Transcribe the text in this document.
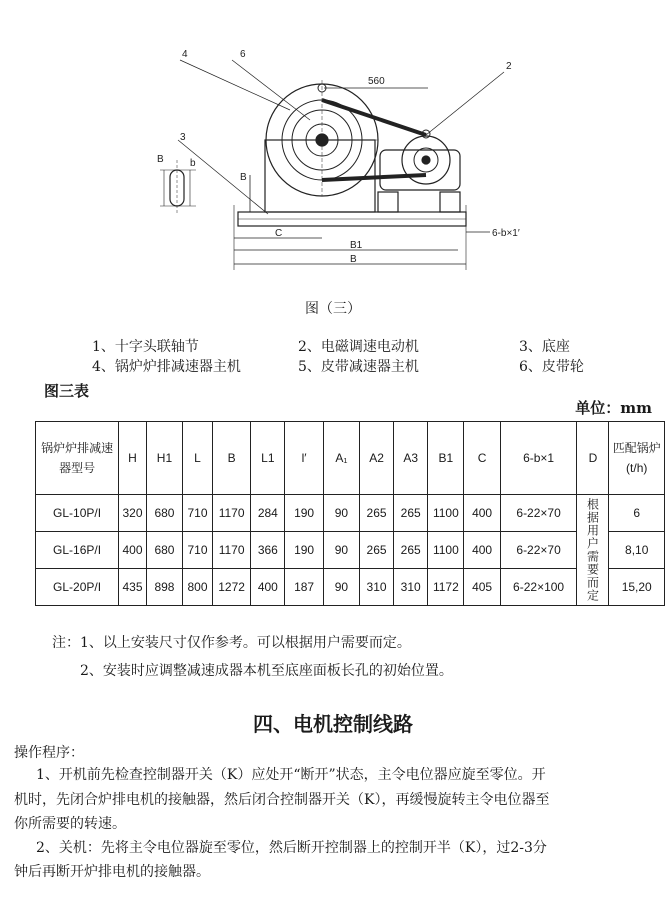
4	6
2
3
560
B	b
B
C
B1
B
6-b×1′
图（三）
1、十字头联轴节	2、电磁调速电动机	3、底座
4、锅炉炉排减速器主机	5、皮带减速器主机	6、皮带轮
图三表
单位：mm
锅炉炉排减速器型号	H	H1	L	B	L1	l′	A₁	A2	A3	B1	C	6-b×1	D	匹配锅炉(t/h)
GL-10P/I	320	680	710	1170	284	190	90	265	265	1100	400	6-22×70	根据用户需要而定	6
GL-16P/I	400	680	710	1170	366	190	90	265	265	1100	400	6-22×70		8,10
GL-20P/I	435	898	800	1272	400	187	90	310	310	1172	405	6-22×100		15,20
注：1、以上安装尺寸仅作参考。可以根据用户需要而定。
2、安装时应调整减速成器本机至底座面板长孔的初始位置。
四、电机控制线路
操作程序：
1、开机前先检查控制器开关（K）应处开“断开”状态，主令电位器应旋至零位。开
机时，先闭合炉排电机的接触器，然后闭合控制器开关（K），再缓慢旋转主令电位器至
你所需要的转速。
2、关机：先将主令电位器旋至零位，然后断开控制器上的控制开半（K），过2-3分
钟后再断开炉排电机的接触器。
